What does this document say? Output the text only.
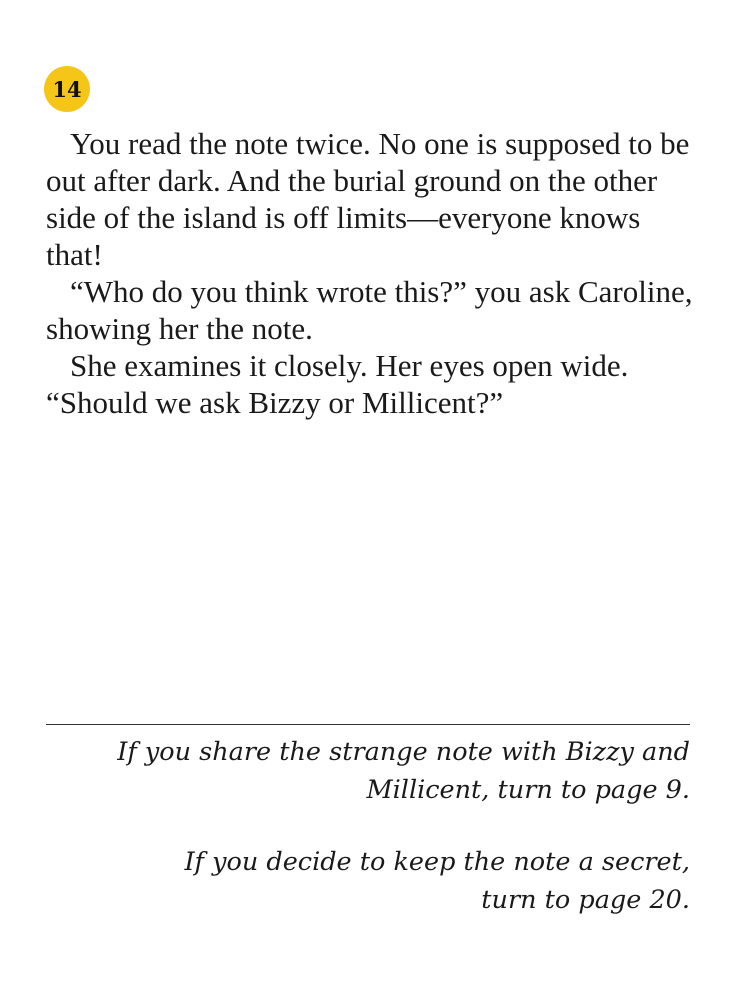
14

You read the note twice. No one is supposed to be out after dark. And the burial ground on the other side of the island is off limits—everyone knows that!

“Who do you think wrote this?” you ask Caroline, showing her the note.

She examines it closely. Her eyes open wide.

“Should we ask Bizzy or Millicent?”

If you share the strange note with Bizzy and
Millicent, turn to page 9.
If you decide to keep the note a secret,
turn to page 20.
